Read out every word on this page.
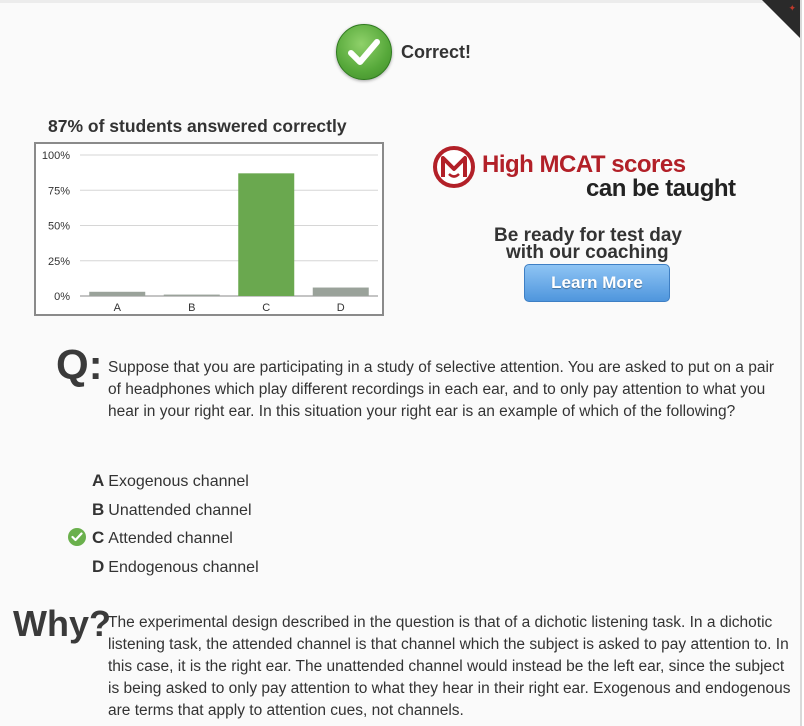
✦
Correct!
87% of students answered correctly
0%
25%
50%
75%
100%
A	B	C	D
High MCAT scores
can be taught
Be ready for test day
with our coaching
Learn More
Q: Suppose that you are participating in a study of selective attention. You are asked to put on a pair of headphones which play different recordings in each ear, and to only pay attention to what you hear in your right ear. In this situation your right ear is an example of which of the following?
A Exogenous channel
B Unattended channel
C Attended channel
D Endogenous channel
Why?
The experimental design described in the question is that of a dichotic listening task. In a dichotic listening task, the attended channel is that channel which the subject is asked to pay attention to. In this case, it is the right ear. The unattended channel would instead be the left ear, since the subject is being asked to only pay attention to what they hear in their right ear. Exogenous and endogenous are terms that apply to attention cues, not channels.
